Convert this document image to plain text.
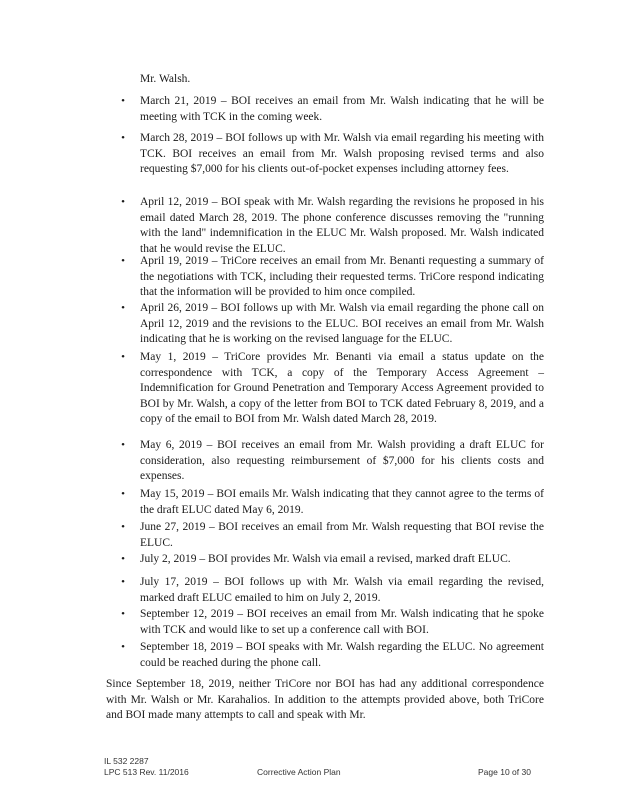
Mr. Walsh.
• March 21, 2019 – BOI receives an email from Mr. Walsh indicating that he will be meeting with TCK in the coming week.
• March 28, 2019 – BOI follows up with Mr. Walsh via email regarding his meeting with TCK. BOI receives an email from Mr. Walsh proposing revised terms and also requesting $7,000 for his clients out-of-pocket expenses including attorney fees.
• April 12, 2019 – BOI speak with Mr. Walsh regarding the revisions he proposed in his email dated March 28, 2019. The phone conference discusses removing the "running with the land" indemnification in the ELUC Mr. Walsh proposed. Mr. Walsh indicated that he would revise the ELUC.
• April 19, 2019 – TriCore receives an email from Mr. Benanti requesting a summary of the negotiations with TCK, including their requested terms. TriCore respond indicating that the information will be provided to him once compiled.
• April 26, 2019 – BOI follows up with Mr. Walsh via email regarding the phone call on April 12, 2019 and the revisions to the ELUC. BOI receives an email from Mr. Walsh indicating that he is working on the revised language for the ELUC.
• May 1, 2019 – TriCore provides Mr. Benanti via email a status update on the correspondence with TCK, a copy of the Temporary Access Agreement – Indemnification for Ground Penetration and Temporary Access Agreement provided to BOI by Mr. Walsh, a copy of the letter from BOI to TCK dated February 8, 2019, and a copy of the email to BOI from Mr. Walsh dated March 28, 2019.
• May 6, 2019 – BOI receives an email from Mr. Walsh providing a draft ELUC for consideration, also requesting reimbursement of $7,000 for his clients costs and expenses.
• May 15, 2019 – BOI emails Mr. Walsh indicating that they cannot agree to the terms of the draft ELUC dated May 6, 2019.
• June 27, 2019 – BOI receives an email from Mr. Walsh requesting that BOI revise the ELUC.
• July 2, 2019 – BOI provides Mr. Walsh via email a revised, marked draft ELUC.
• July 17, 2019 – BOI follows up with Mr. Walsh via email regarding the revised, marked draft ELUC emailed to him on July 2, 2019.
• September 12, 2019 – BOI receives an email from Mr. Walsh indicating that he spoke with TCK and would like to set up a conference call with BOI.
• September 18, 2019 – BOI speaks with Mr. Walsh regarding the ELUC. No agreement could be reached during the phone call.

Since September 18, 2019, neither TriCore nor BOI has had any additional correspondence with Mr. Walsh or Mr. Karahalios. In addition to the attempts provided above, both TriCore and BOI made many attempts to call and speak with Mr.

IL 532 2287
LPC 513 Rev. 11/2016	Corrective Action Plan	Page 10 of 30
